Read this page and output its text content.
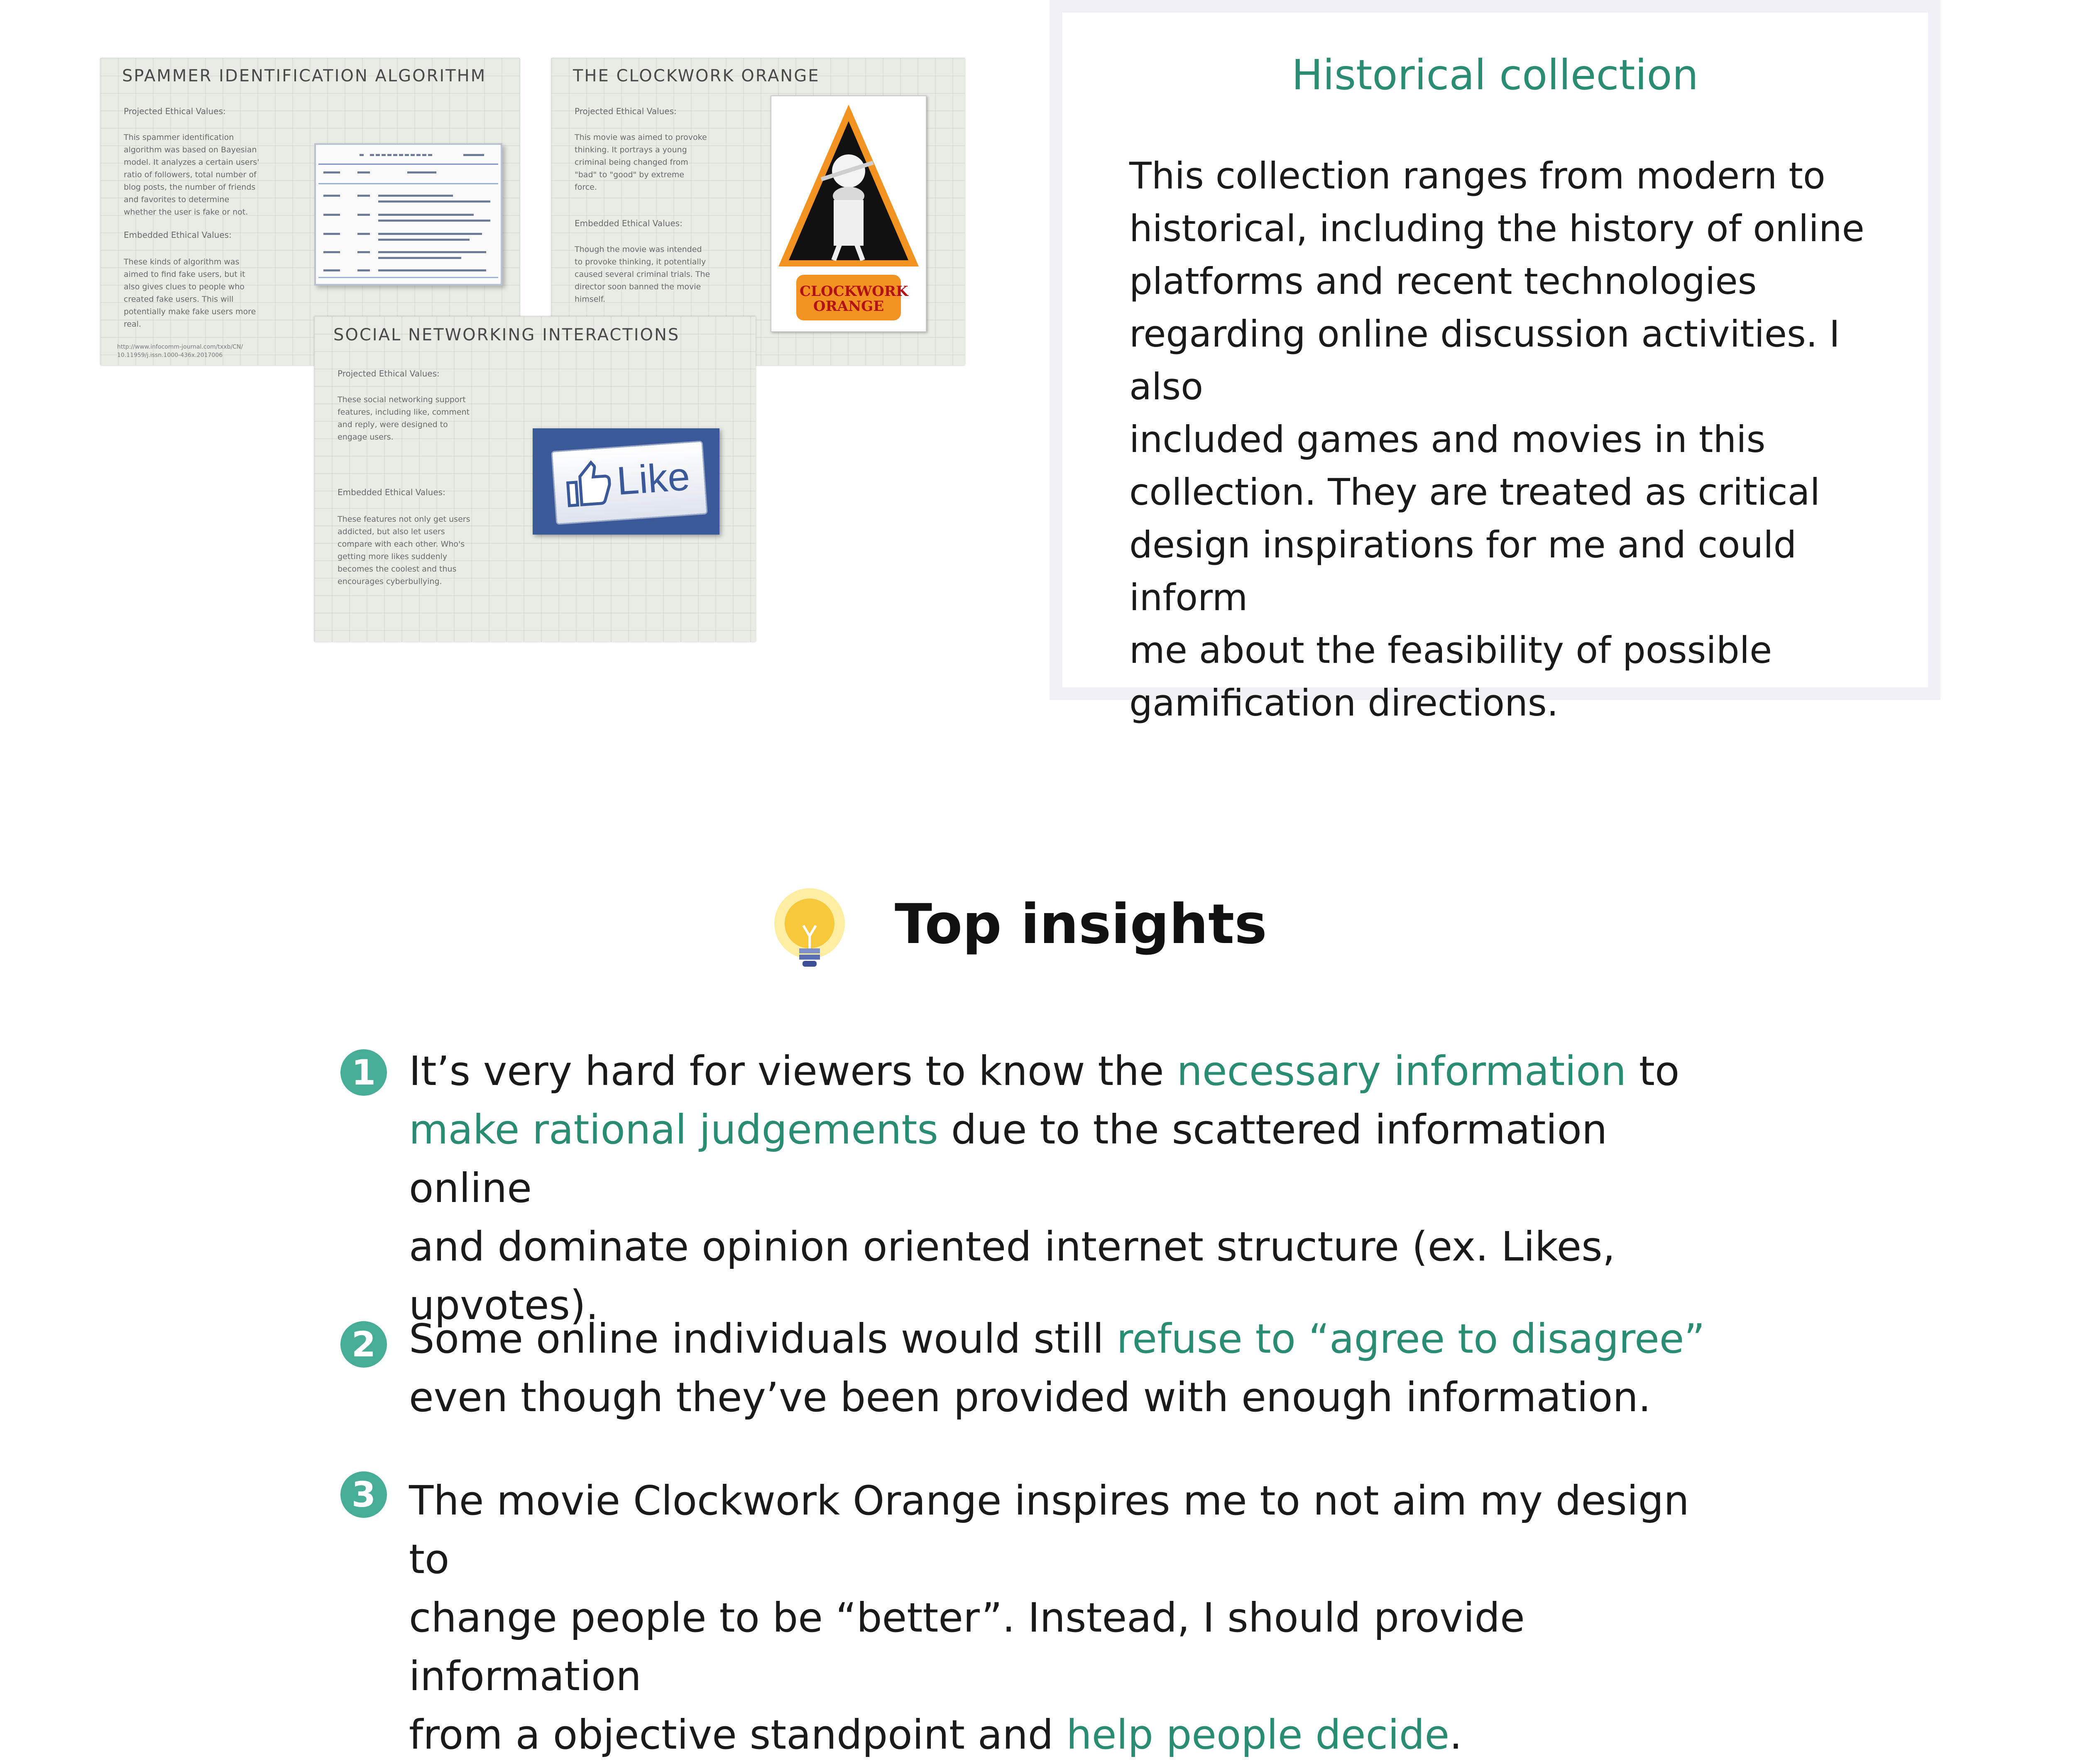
SPAMMER IDENTIFICATION ALGORITHM
Projected Ethical Values:
This spammer identification
algorithm was based on Bayesian
model. It analyzes a certain users'
ratio of followers, total number of
blog posts, the number of friends
and favorites to determine
whether the user is fake or not.
Embedded Ethical Values:
These kinds of algorithm was
aimed to find fake users, but it
also gives clues to people who
created fake users. This will
potentially make fake users more
real.
http://www.infocomm-journal.com/txxb/CN/
10.11959/j.issn.1000-436x.2017006
THE CLOCKWORK ORANGE
Projected Ethical Values:
This movie was aimed to provoke
thinking. It portrays a young
criminal being changed from
"bad" to "good" by extreme
force.
Embedded Ethical Values:
Though the movie was intended
to provoke thinking, it potentially
caused several criminal trials. The
director soon banned the movie
himself.	CLOCKWORK ORANGE
SOCIAL NETWORKING INTERACTIONS
Projected Ethical Values:
These social networking support
features, including like, comment
and reply, were designed to
engage users.
Embedded Ethical Values:
These features not only get users
addicted, but also let users
compare with each other. Who's
getting more likes suddenly
becomes the coolest and thus
encourages cyberbullying.
Like
Historical collection
This collection ranges from modern to
historical, including the history of online
platforms and recent technologies
regarding online discussion activities. I also
included games and movies in this
collection. They are treated as critical
design inspirations for me and could inform
me about the feasibility of possible
gamification directions.
Top insights
1 It’s very hard for viewers to know the necessary information to
make rational judgements due to the scattered information online
and dominate opinion oriented internet structure (ex. Likes,
upvotes).
2 Some online individuals would still refuse to “agree to disagree”
even though they’ve been provided with enough information.
3 The movie Clockwork Orange inspires me to not aim my design to
change people to be “better”. Instead, I should provide information
from a objective standpoint and help people decide.
